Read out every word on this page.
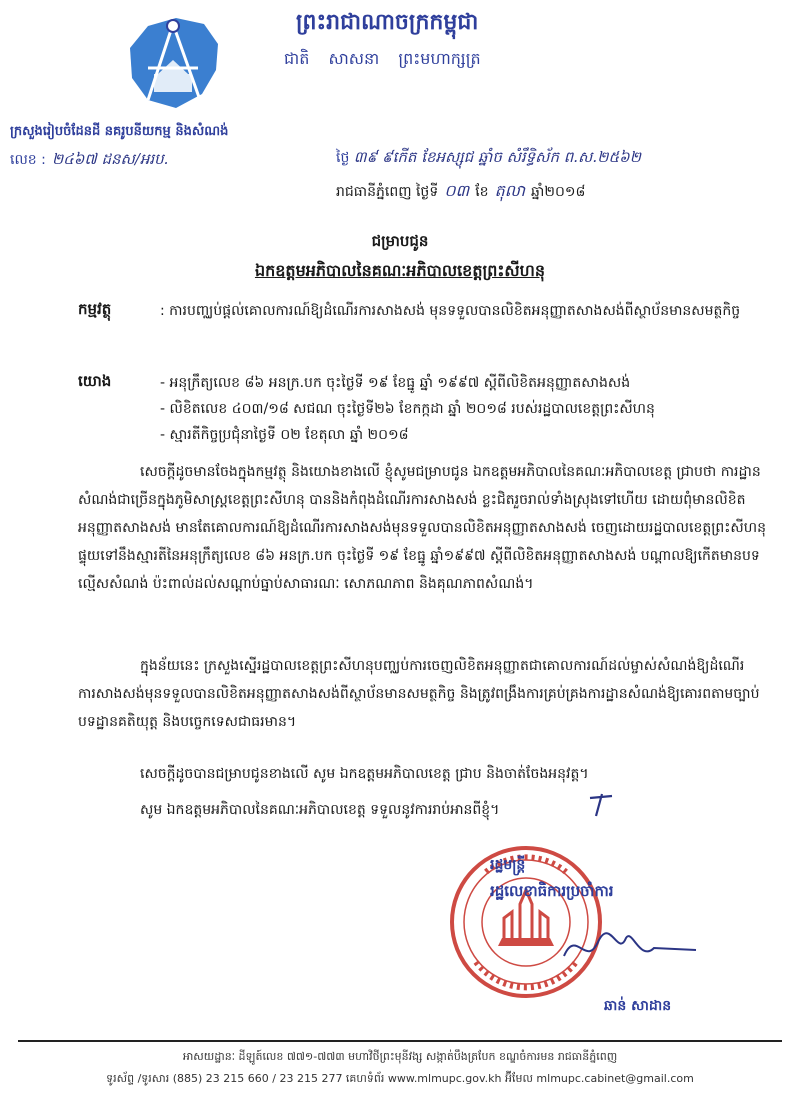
ព្រះរាជាណាចក្រកម្ពុជា
ជាតិ សាសនា ព្រះមហាក្សត្រ
ក្រសួងរៀបចំដែនដី នគរូបនីយកម្ម និងសំណង់
លេខ : ២៤៦៧ ដនស/អរប.	ថ្ងៃ ៣៩ ៩កើត ខែអស្សុជ ឆ្នាំច សំរឹទ្ធិស័ក ព.ស.២៥៦២
រាជធានីភ្នំពេញ ថ្ងៃទី ០៣ ខែ តុលា ឆ្នាំ២០១៨
ជម្រាបជូន
ឯកឧត្តមអភិបាលនៃគណៈអភិបាលខេត្តព្រះសីហនុ
កម្មវត្ថុ	: ការបញ្ឈប់ផ្តល់គោលការណ៍ឱ្យដំណើរការសាងសង់ មុនទទួលបានលិខិតអនុញ្ញាតសាងសង់ពីស្ថាប័នមានសមត្ថកិច្ច
យោង	- អនុក្រឹត្យលេខ ៨៦ អនក្រ.បក ចុះថ្ងៃទី ១៩ ខែធ្នូ ឆ្នាំ ១៩៩៧ ស្តីពីលិខិតអនុញ្ញាតសាងសង់
- លិខិតលេខ ៤០៣/១៨ សជណ ចុះថ្ងៃទី២៦ ខែកក្កដា ឆ្នាំ ២០១៨ របស់រដ្ឋបាលខេត្តព្រះសីហនុ
- ស្មារតីកិច្ចប្រជុំនាថ្ងៃទី ០២ ខែតុលា ឆ្នាំ ២០១៨
សេចក្តីដូចមានចែងក្នុងកម្មវត្ថុ និងយោងខាងលើ ខ្ញុំសូមជម្រាបជូន ឯកឧត្តមអភិបាលនៃគណៈអភិបាលខេត្ត ជ្រាបថា ការដ្ឋានសំណង់ជាច្រើនក្នុងភូមិសាស្ត្រខេត្តព្រះសីហនុ បាននិងកំពុងដំណើរការសាងសង់ ខ្លះជិតរួចរាល់ទាំងស្រុងទៅហើយ ដោយពុំមានលិខិតអនុញ្ញាតសាងសង់ មានតែគោលការណ៍ឱ្យដំណើរការសាងសង់មុនទទួលបានលិខិតអនុញ្ញាតសាងសង់ ចេញដោយរដ្ឋបាលខេត្តព្រះសីហនុ ផ្ទុយទៅនឹងស្មារតីនៃអនុក្រឹត្យលេខ ៨៦ អនក្រ.បក ចុះថ្ងៃទី ១៩ ខែធ្នូ ឆ្នាំ១៩៩៧ ស្តីពីលិខិតអនុញ្ញាតសាងសង់ បណ្តាលឱ្យកើតមានបទល្មើសសំណង់ ប៉ះពាល់ដល់សណ្តាប់ធ្នាប់សាធារណៈ សោភណភាព និងគុណភាពសំណង់។
ក្នុងន័យនេះ ក្រសួងស្នើរដ្ឋបាលខេត្តព្រះសីហនុបញ្ឈប់ការចេញលិខិតអនុញ្ញាតជាគោលការណ៍ដល់ម្ចាស់សំណង់ឱ្យដំណើរការសាងសង់មុនទទួលបានលិខិតអនុញ្ញាតសាងសង់ពីស្ថាប័នមានសមត្ថកិច្ច និងត្រូវពង្រឹងការគ្រប់គ្រងការដ្ឋានសំណង់ឱ្យគោរពតាមច្បាប់ បទដ្ឋានគតិយុត្ត និងបច្ចេកទេសជាធរមាន។
សេចក្តីដូចបានជម្រាបជូនខាងលើ សូម ឯកឧត្តមអភិបាលខេត្ត ជ្រាប និងចាត់ចែងអនុវត្ត។
សូម ឯកឧត្តមអភិបាលនៃគណៈអភិបាលខេត្ត ទទួលនូវការរាប់អានពីខ្ញុំ។
រដ្ឋមន្ត្រី
រដ្ឋលេខាធិការប្រចាំការ
ឆាន់ សាដាន
អាសយដ្ឋានៈ ដីឡូត៍លេខ ៧៧១-៧៧៣ មហាវិថីព្រះមុនីវង្ស សង្កាត់បឹងត្របែក ខណ្ឌចំការមន រាជធានីភ្នំពេញ
ទូរស័ព្ទ /ទូរសារ (885) 23 215 660 / 23 215 277 គេហទំព័រ www.mlmupc.gov.kh អ៊ីមែល mlmupc.cabinet@gmail.com
